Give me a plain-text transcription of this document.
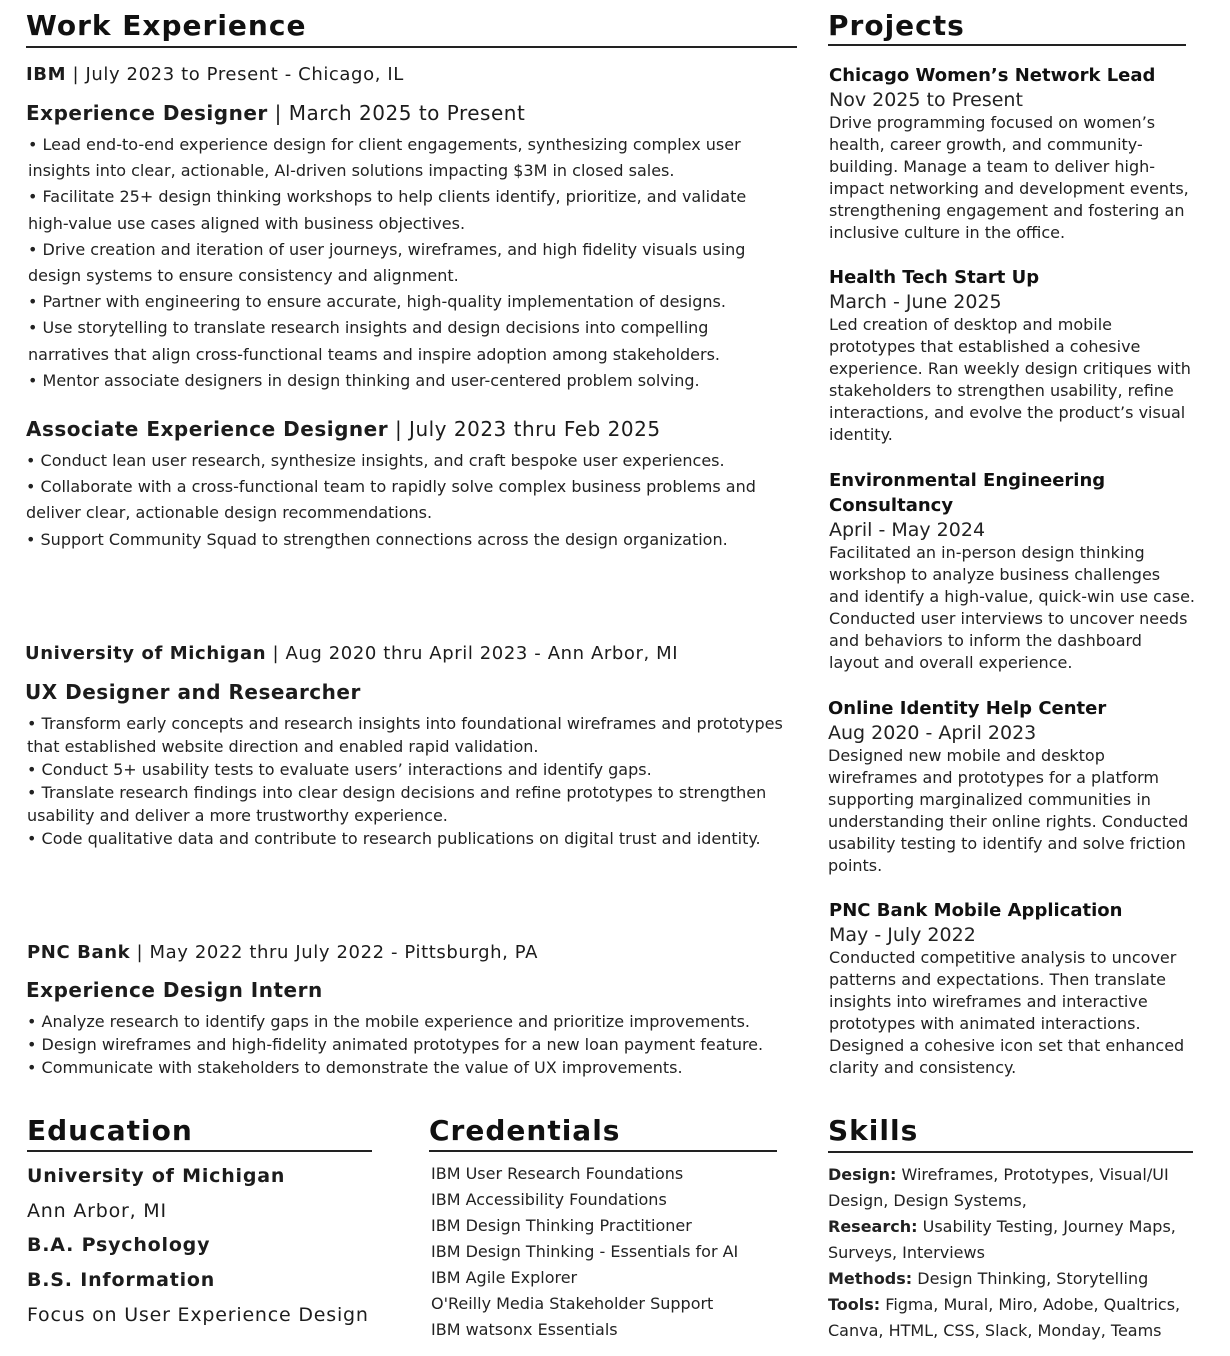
Work Experience
IBM | July 2023 to Present - Chicago, IL
Experience Designer | March 2025 to Present
• Lead end-to-end experience design for client engagements, synthesizing complex user insights into clear, actionable, AI-driven solutions impacting $3M in closed sales.
• Facilitate 25+ design thinking workshops to help clients identify, prioritize, and validate high-value use cases aligned with business objectives.
• Drive creation and iteration of user journeys, wireframes, and high fidelity visuals using design systems to ensure consistency and alignment.
• Partner with engineering to ensure accurate, high-quality implementation of designs.
• Use storytelling to translate research insights and design decisions into compelling narratives that align cross-functional teams and inspire adoption among stakeholders.
• Mentor associate designers in design thinking and user-centered problem solving.
Associate Experience Designer | July 2023 thru Feb 2025
• Conduct lean user research, synthesize insights, and craft bespoke user experiences.
• Collaborate with a cross-functional team to rapidly solve complex business problems and deliver clear, actionable design recommendations.
• Support Community Squad to strengthen connections across the design organization.
University of Michigan | Aug 2020 thru April 2023 - Ann Arbor, MI
UX Designer and Researcher
• Transform early concepts and research insights into foundational wireframes and prototypes that established website direction and enabled rapid validation.
• Conduct 5+ usability tests to evaluate users’ interactions and identify gaps.
• Translate research findings into clear design decisions and refine prototypes to strengthen usability and deliver a more trustworthy experience.
• Code qualitative data and contribute to research publications on digital trust and identity.
PNC Bank | May 2022 thru July 2022 - Pittsburgh, PA
Experience Design Intern
• Analyze research to identify gaps in the mobile experience and prioritize improvements.
• Design wireframes and high-fidelity animated prototypes for a new loan payment feature.
• Communicate with stakeholders to demonstrate the value of UX improvements.
Projects
Chicago Women’s Network Lead
Nov 2025 to Present
Drive programming focused on women’s health, career growth, and community-building. Manage a team to deliver high-impact networking and development events, strengthening engagement and fostering an inclusive culture in the office.
Health Tech Start Up
March - June 2025
Led creation of desktop and mobile prototypes that established a cohesive experience. Ran weekly design critiques with stakeholders to strengthen usability, refine interactions, and evolve the product’s visual identity.
Environmental Engineering Consultancy
April - May 2024
Facilitated an in-person design thinking workshop to analyze business challenges and identify a high-value, quick-win use case. Conducted user interviews to uncover needs and behaviors to inform the dashboard layout and overall experience.
Online Identity Help Center
Aug 2020 - April 2023
Designed new mobile and desktop wireframes and prototypes for a platform supporting marginalized communities in understanding their online rights. Conducted usability testing to identify and solve friction points.
PNC Bank Mobile Application
May - July 2022
Conducted competitive analysis to uncover patterns and expectations. Then translate insights into wireframes and interactive prototypes with animated interactions. Designed a cohesive icon set that enhanced clarity and consistency.
Education
University of Michigan
Ann Arbor, MI
B.A. Psychology
B.S. Information
Focus on User Experience Design
Credentials
IBM User Research Foundations
IBM Accessibility Foundations
IBM Design Thinking Practitioner
IBM Design Thinking - Essentials for AI
IBM Agile Explorer
O'Reilly Media Stakeholder Support
IBM watsonx Essentials
Skills
Design: Wireframes, Prototypes, Visual/UI Design, Design Systems,
Research: Usability Testing, Journey Maps, Surveys, Interviews
Methods: Design Thinking, Storytelling
Tools: Figma, Mural, Miro, Adobe, Qualtrics, Canva, HTML, CSS, Slack, Monday, Teams
